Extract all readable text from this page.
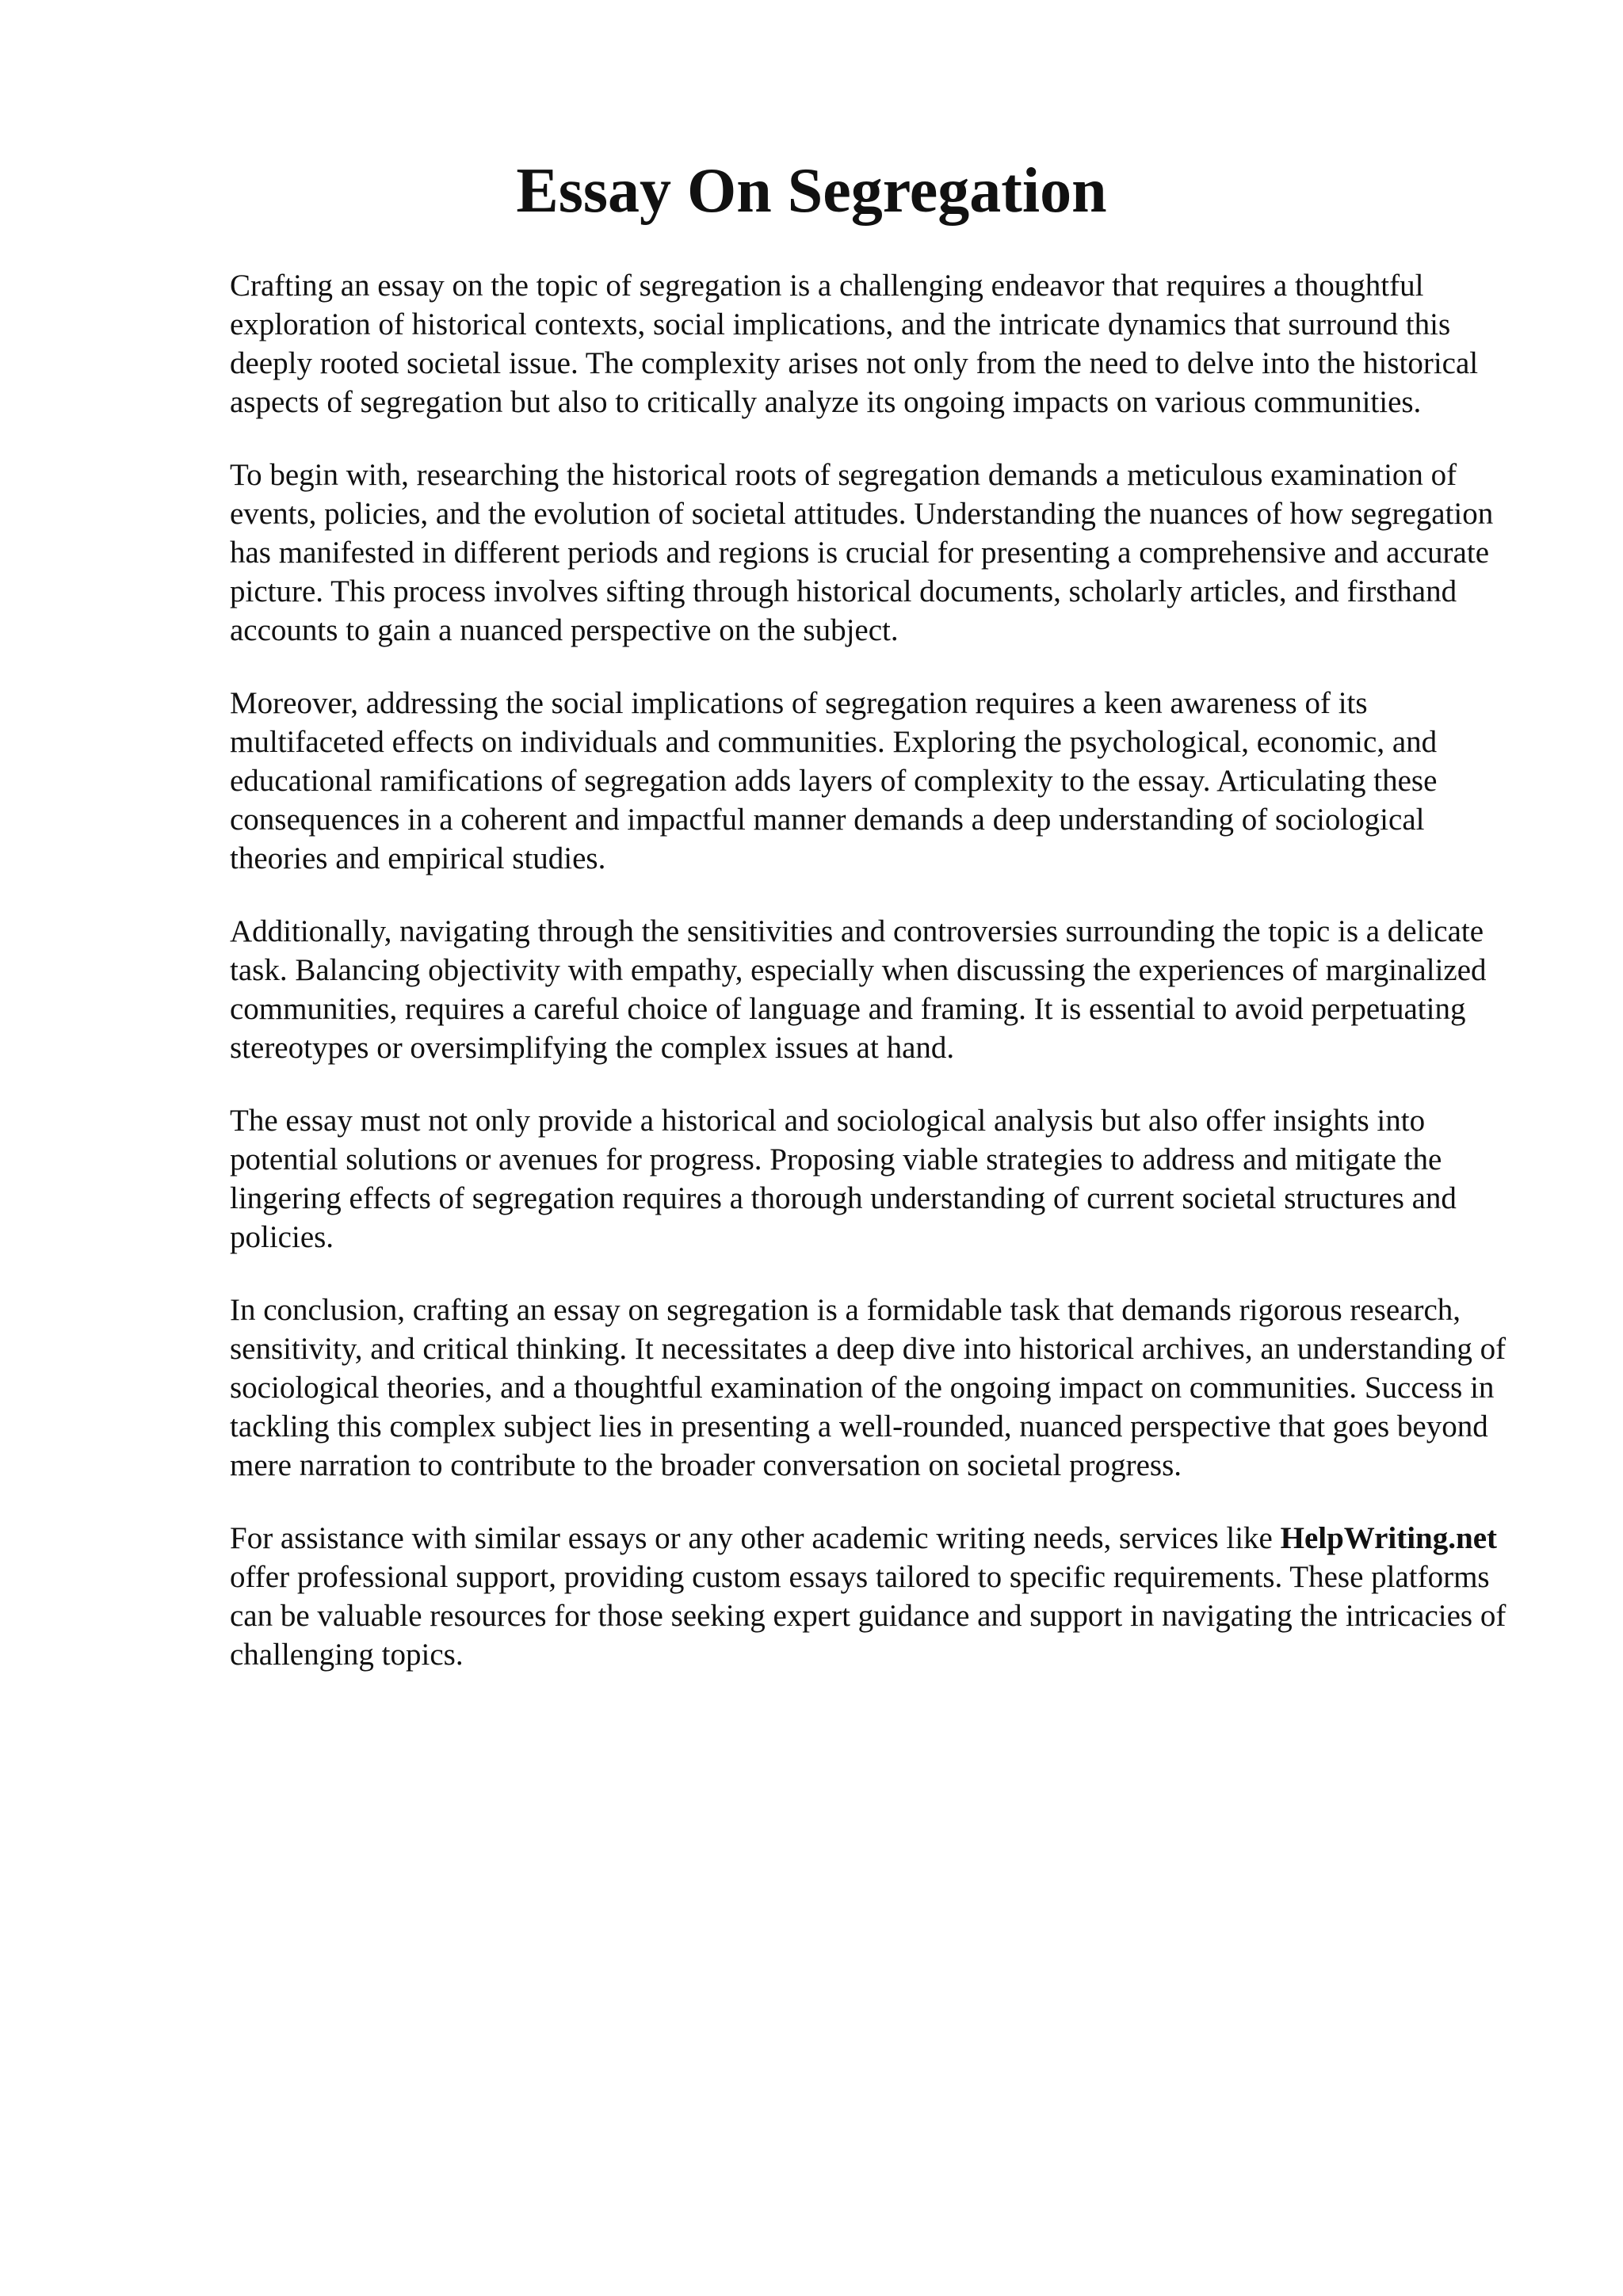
Essay On Segregation

Crafting an essay on the topic of segregation is a challenging endeavor that requires a thoughtful exploration of historical contexts, social implications, and the intricate dynamics that surround this deeply rooted societal issue. The complexity arises not only from the need to delve into the historical aspects of segregation but also to critically analyze its ongoing impacts on various communities.

To begin with, researching the historical roots of segregation demands a meticulous examination of events, policies, and the evolution of societal attitudes. Understanding the nuances of how segregation has manifested in different periods and regions is crucial for presenting a comprehensive and accurate picture. This process involves sifting through historical documents, scholarly articles, and firsthand accounts to gain a nuanced perspective on the subject.

Moreover, addressing the social implications of segregation requires a keen awareness of its multifaceted effects on individuals and communities. Exploring the psychological, economic, and educational ramifications of segregation adds layers of complexity to the essay. Articulating these consequences in a coherent and impactful manner demands a deep understanding of sociological theories and empirical studies.

Additionally, navigating through the sensitivities and controversies surrounding the topic is a delicate task. Balancing objectivity with empathy, especially when discussing the experiences of marginalized communities, requires a careful choice of language and framing. It is essential to avoid perpetuating stereotypes or oversimplifying the complex issues at hand.

The essay must not only provide a historical and sociological analysis but also offer insights into potential solutions or avenues for progress. Proposing viable strategies to address and mitigate the lingering effects of segregation requires a thorough understanding of current societal structures and policies.

In conclusion, crafting an essay on segregation is a formidable task that demands rigorous research, sensitivity, and critical thinking. It necessitates a deep dive into historical archives, an understanding of sociological theories, and a thoughtful examination of the ongoing impact on communities. Success in tackling this complex subject lies in presenting a well-rounded, nuanced perspective that goes beyond mere narration to contribute to the broader conversation on societal progress.

For assistance with similar essays or any other academic writing needs, services like HelpWriting.net offer professional support, providing custom essays tailored to specific requirements. These platforms can be valuable resources for those seeking expert guidance and support in navigating the intricacies of challenging topics.
